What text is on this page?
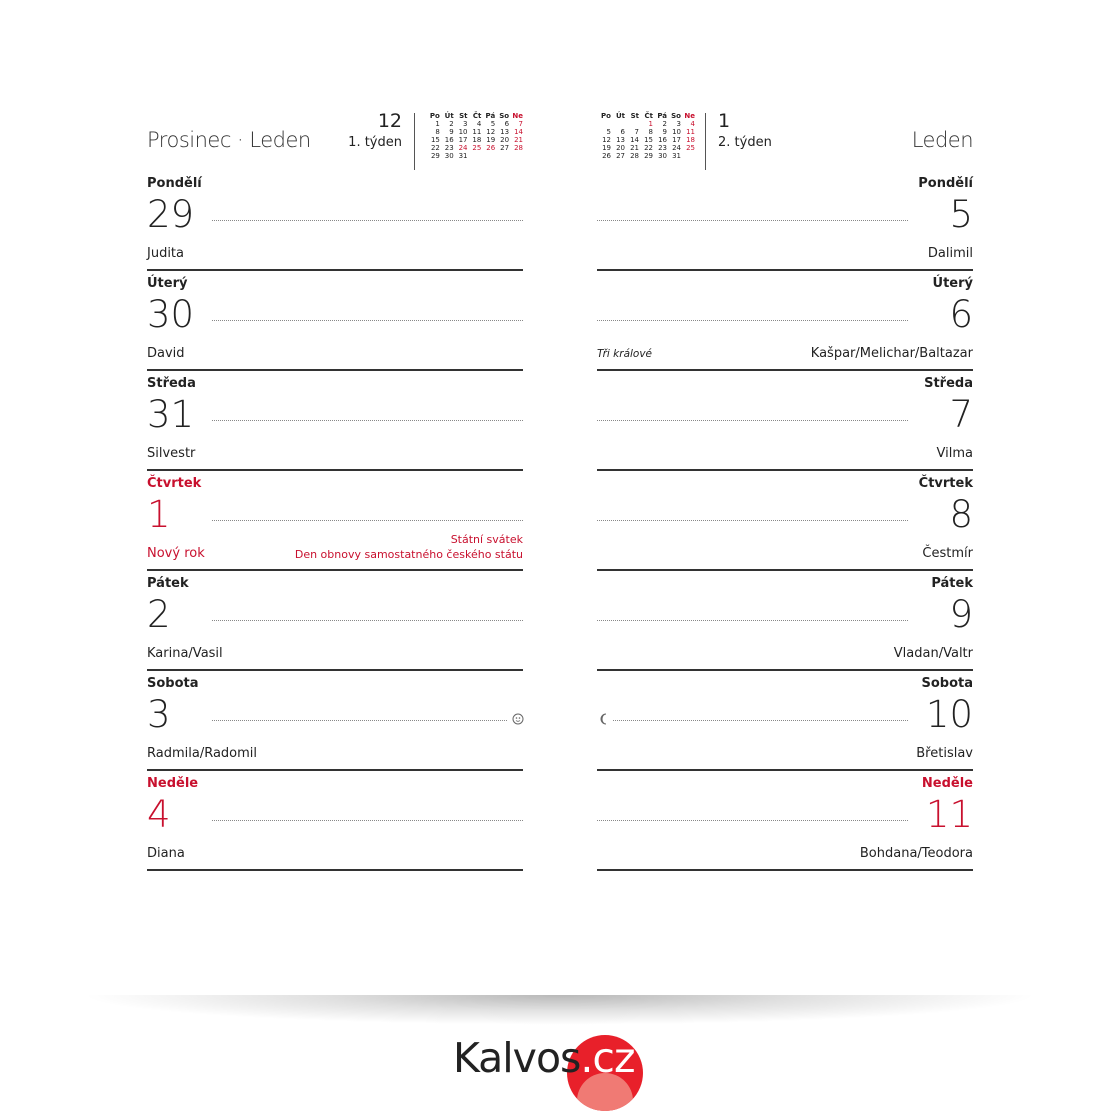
Prosinec · Leden
12
1. týden
Po	Út	St	Čt	Pá	So	Ne
1	2	3	4	5	6	7
8	9	10	11	12	13	14
15	16	17	18	19	20	21
22	23	24	25	26	27	28
29	30	31				
Pondělí
29
Judita
Úterý
30
David
Středa
31
Silvestr
Čtvrtek
1
Státní svátek
Den obnovy samostatného českého státu
Nový rok
Pátek
2
Karina/Vasil
Sobota
3
Radmila/Radomil
Neděle
4
Diana
Leden
1
2. týden
Po	Út	St	Čt	Pá	So	Ne
			1	2	3	4
5	6	7	8	9	10	11
12	13	14	15	16	17	18
19	20	21	22	23	24	25
26	27	28	29	30	31	
Pondělí
5
Dalimil
Úterý
6
Tři králové	Kašpar/Melichar/Baltazar
Středa
7
Vilma
Čtvrtek
8
Čestmír
Pátek
9
Vladan/Valtr
Sobota
10
Břetislav
Neděle
11
Bohdana/Teodora
Kalvos.cz
